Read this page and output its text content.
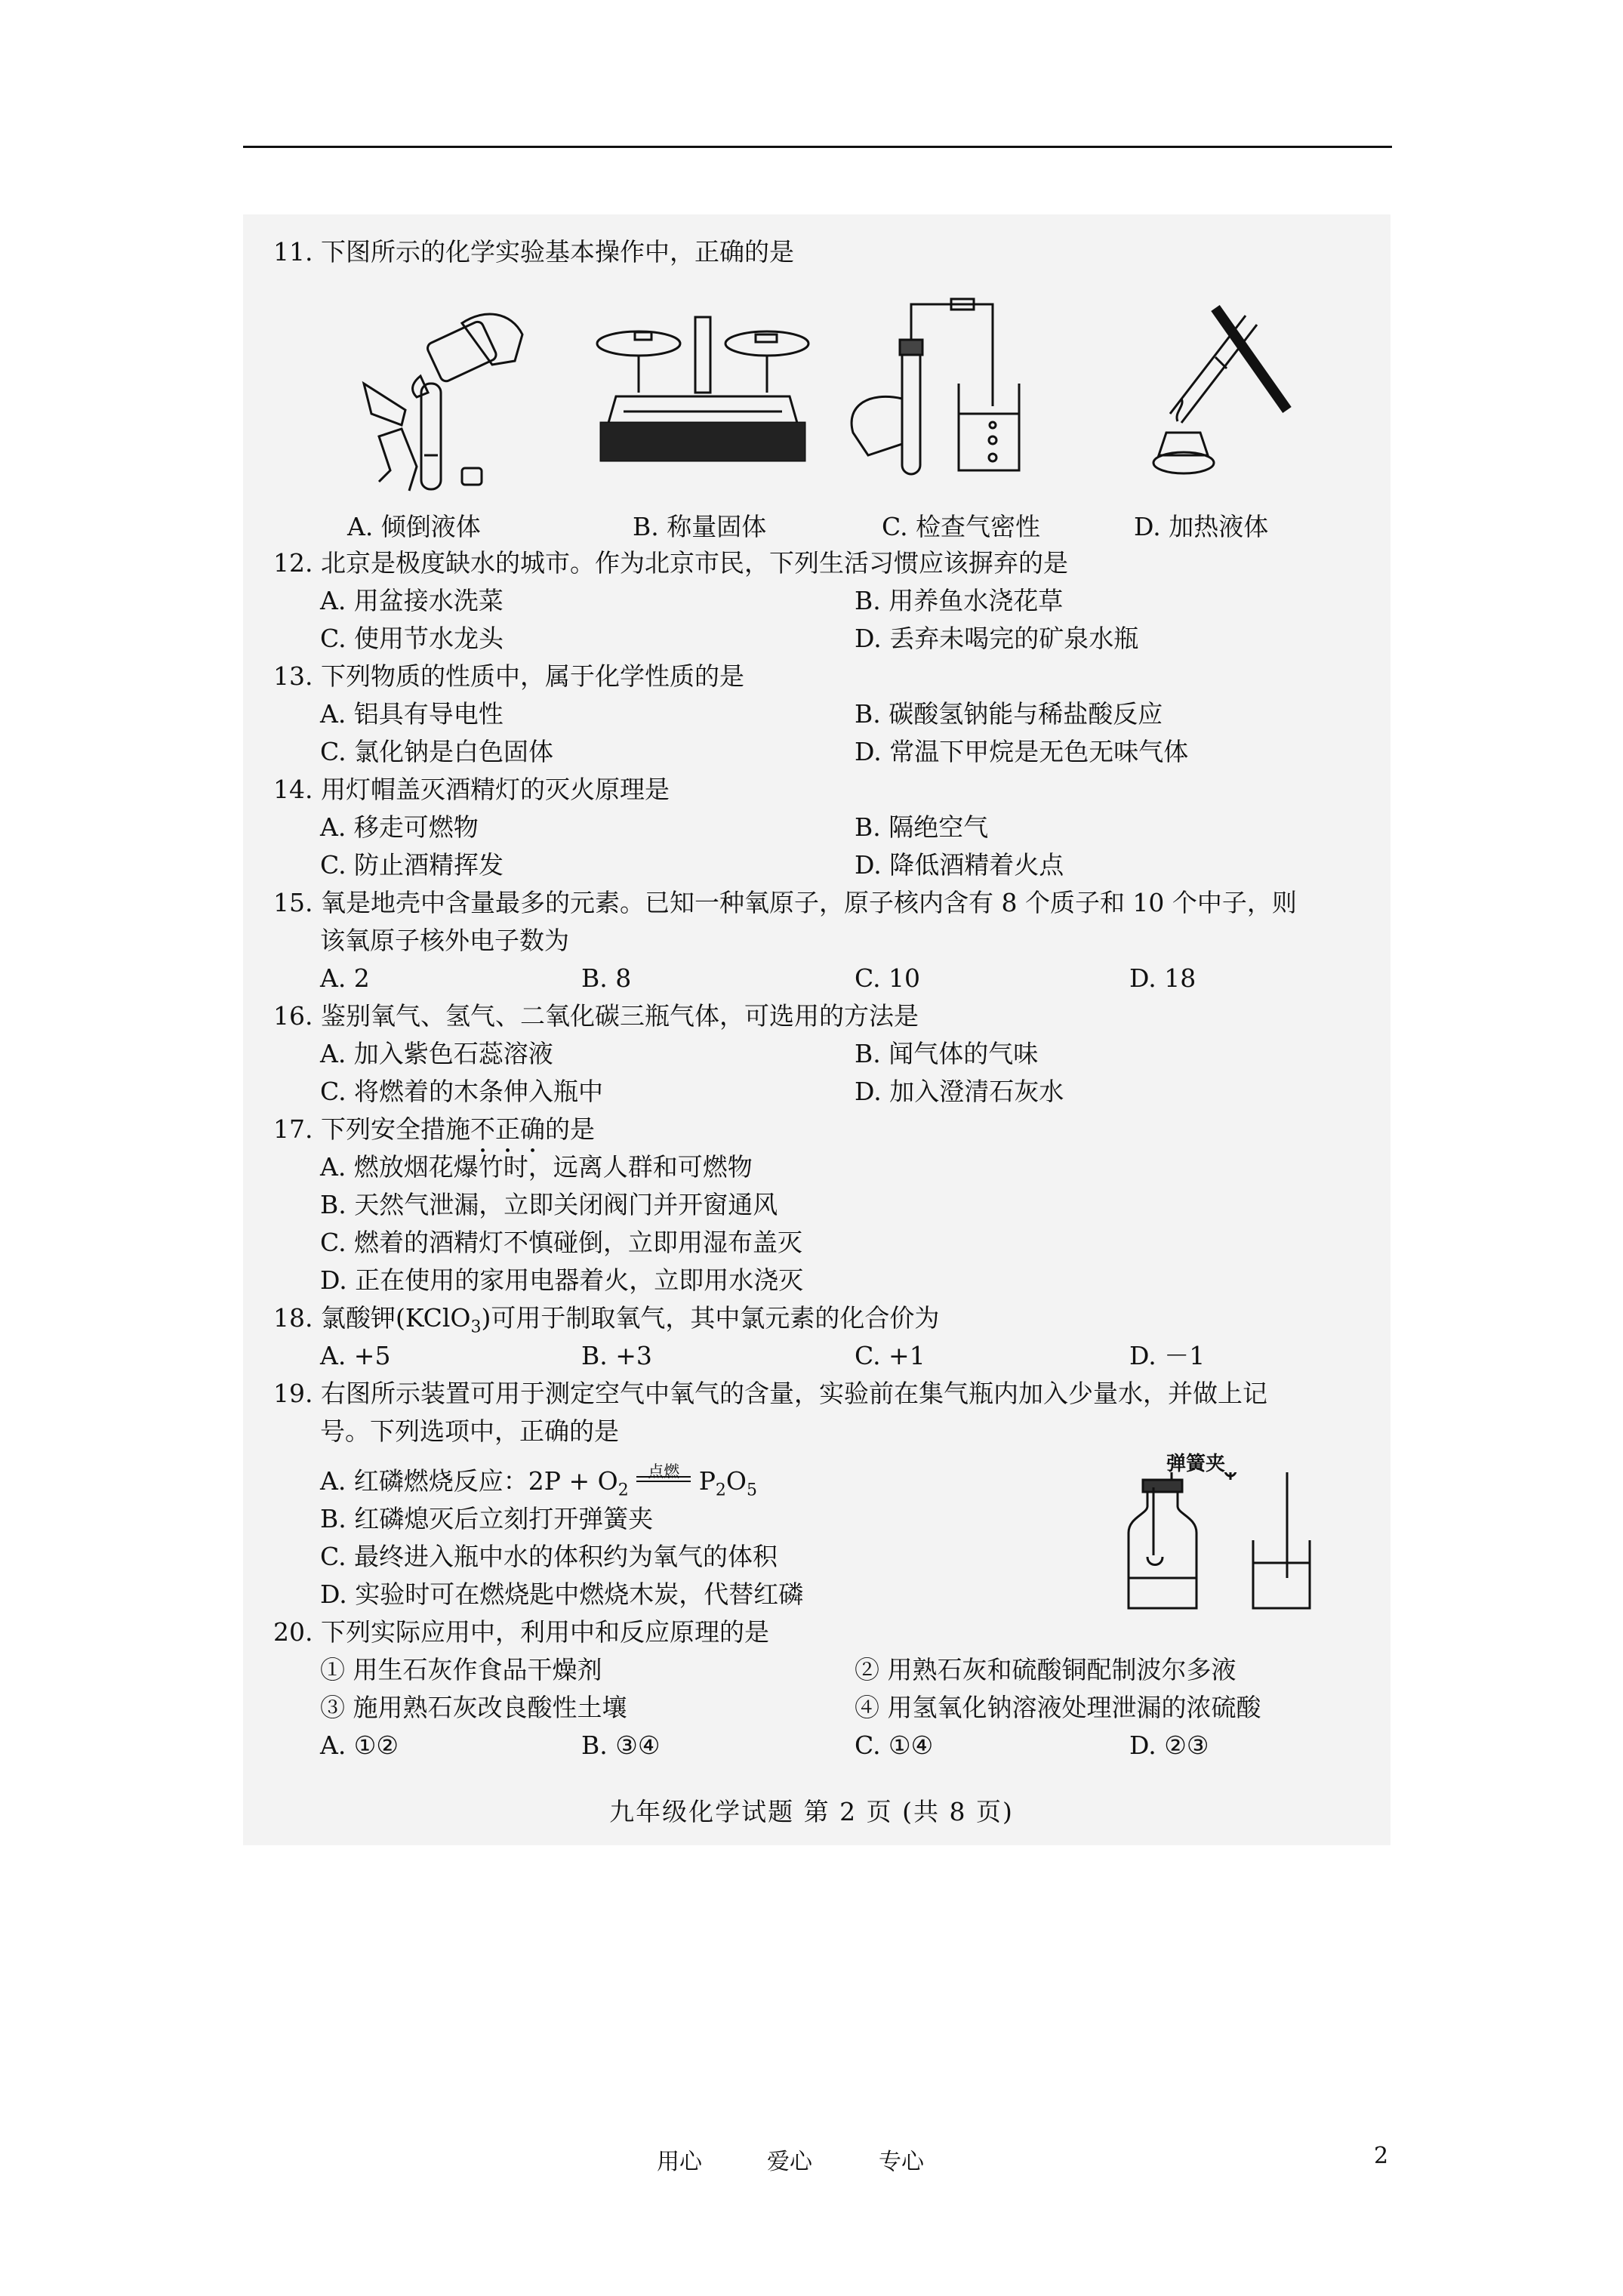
11. 下图所示的化学实验基本操作中，正确的是
A. 倾倒液体	B. 称量固体	C. 检查气密性	D. 加热液体
12. 北京是极度缺水的城市。作为北京市民，下列生活习惯应该摒弃的是
A. 用盆接水洗菜	B. 用养鱼水浇花草
C. 使用节水龙头	D. 丢弃未喝完的矿泉水瓶
13. 下列物质的性质中，属于化学性质的是
A. 铝具有导电性	B. 碳酸氢钠能与稀盐酸反应
C. 氯化钠是白色固体	D. 常温下甲烷是无色无味气体
14. 用灯帽盖灭酒精灯的灭火原理是
A. 移走可燃物	B. 隔绝空气
C. 防止酒精挥发	D. 降低酒精着火点
15. 氧是地壳中含量最多的元素。已知一种氧原子，原子核内含有 8 个质子和 10 个中子，则
该氧原子核外电子数为
A. 2	B. 8	C. 10	D. 18
16. 鉴别氧气、氢气、二氧化碳三瓶气体，可选用的方法是
A. 加入紫色石蕊溶液	B. 闻气体的气味
C. 将燃着的木条伸入瓶中	D. 加入澄清石灰水
17. 下列安全措施不正确的是
A. 燃放烟花爆竹时，远离人群和可燃物
B. 天然气泄漏，立即关闭阀门并开窗通风
C. 燃着的酒精灯不慎碰倒，立即用湿布盖灭
D. 正在使用的家用电器着火，立即用水浇灭
18. 氯酸钾(KClO$_3$)可用于制取氧气，其中氯元素的化合价为
A. +5	B. +3	C. +1	D. －1
19. 右图所示装置可用于测定空气中氧气的含量，实验前在集气瓶内加入少量水，并做上记
号。下列选项中，正确的是
A. 红磷燃烧反应：$2P + O_2$
点燃 $P_2O_5$
B. 红磷熄灭后立刻打开弹簧夹
C. 最终进入瓶中水的体积约为氧气的体积
D. 实验时可在燃烧匙中燃烧木炭，代替红磷
弹簧夹
20. 下列实际应用中，利用中和反应原理的是
① 用生石灰作食品干燥剂	② 用熟石灰和硫酸铜配制波尔多液
③ 施用熟石灰改良酸性土壤	④ 用氢氧化钠溶液处理泄漏的浓硫酸
A. ①②	B. ③④	C. ①④	D. ②③
九年级化学试题 第 2 页 (共 8 页)
用心	爱心	专心	2
